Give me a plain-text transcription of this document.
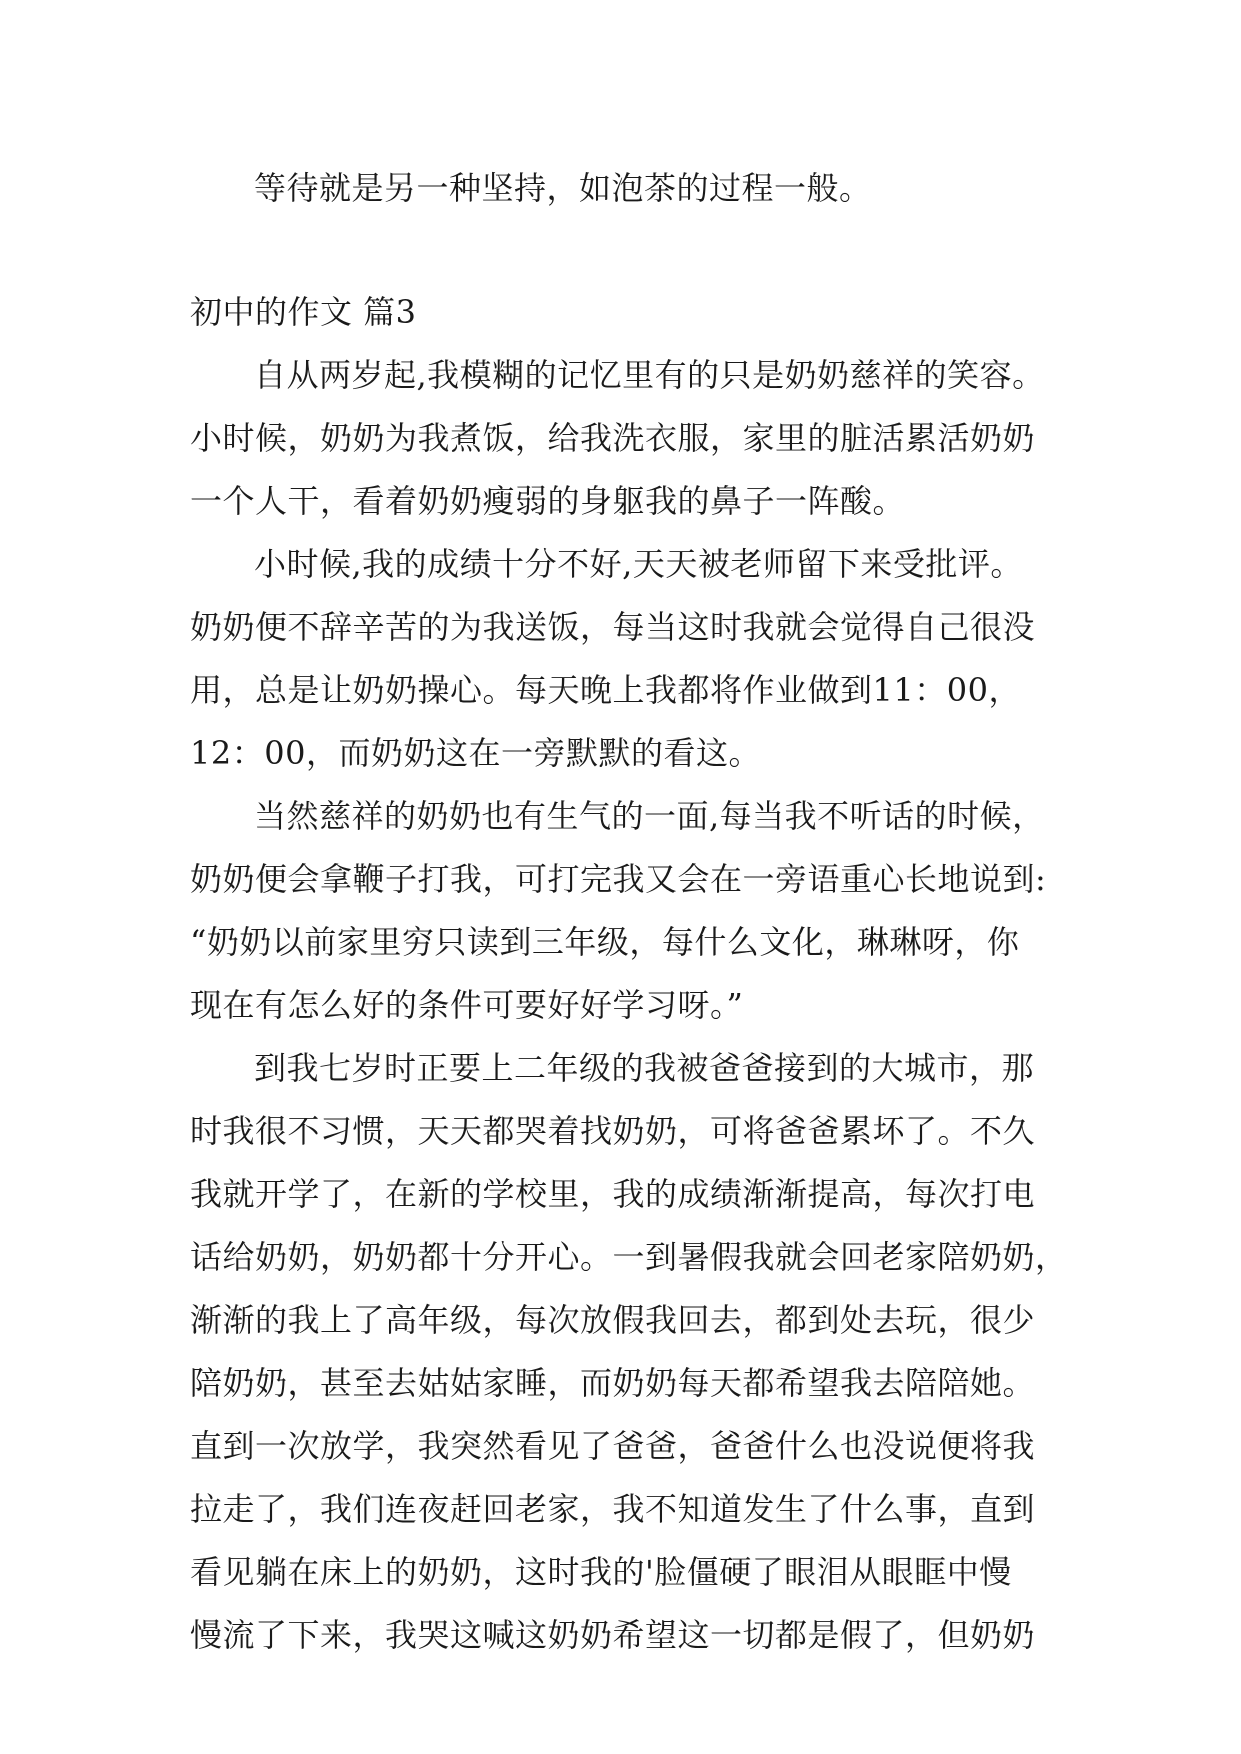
等待就是另一种坚持，如泡茶的过程一般。
初中的作文 篇3
自从两岁起,我模糊的记忆里有的只是奶奶慈祥的笑容。
小时候，奶奶为我煮饭，给我洗衣服，家里的脏活累活奶奶
一个人干，看着奶奶瘦弱的身躯我的鼻子一阵酸。
小时候,我的成绩十分不好,天天被老师留下来受批评。
奶奶便不辞辛苦的为我送饭，每当这时我就会觉得自己很没
用，总是让奶奶操心。每天晚上我都将作业做到11：00，
12：00，而奶奶这在一旁默默的看这。
当然慈祥的奶奶也有生气的一面,每当我不听话的时候，
奶奶便会拿鞭子打我，可打完我又会在一旁语重心长地说到:
“奶奶以前家里穷只读到三年级，每什么文化，琳琳呀，你
现在有怎么好的条件可要好好学习呀。”
到我七岁时正要上二年级的我被爸爸接到的大城市，那
时我很不习惯，天天都哭着找奶奶，可将爸爸累坏了。不久
我就开学了，在新的学校里，我的成绩渐渐提高，每次打电
话给奶奶，奶奶都十分开心。一到暑假我就会回老家陪奶奶，
渐渐的我上了高年级，每次放假我回去，都到处去玩，很少
陪奶奶，甚至去姑姑家睡，而奶奶每天都希望我去陪陪她。
直到一次放学，我突然看见了爸爸，爸爸什么也没说便将我
拉走了，我们连夜赶回老家，我不知道发生了什么事，直到
看见躺在床上的奶奶，这时我的'脸僵硬了眼泪从眼眶中慢
慢流了下来，我哭这喊这奶奶希望这一切都是假了，但奶奶
